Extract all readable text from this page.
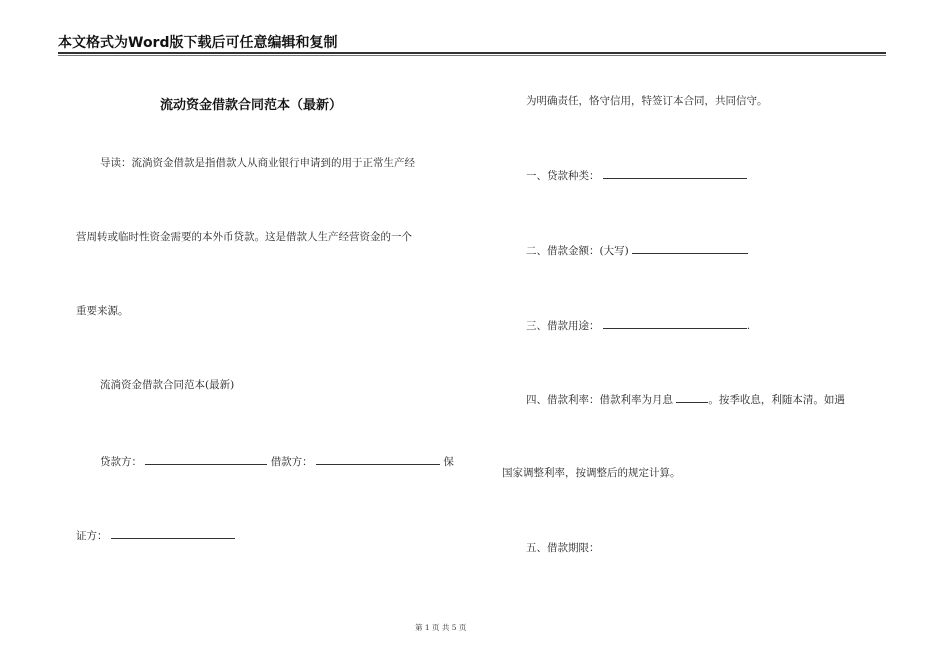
本文格式为Word版下载后可任意编辑和复制
流动资金借款合同范本（最新）
导读：流淌资金借款是指借款人从商业银行申请到的用于正常生产经
营周转或临时性资金需要的本外币贷款。这是借款人生产经营资金的一个
重要来源。
流淌资金借款合同范本(最新)
贷款方：	借款方：	保
证方：
为明确责任，恪守信用，特签订本合同，共同信守。
一、贷款种类：
二、借款金额：(大写)
三、借款用途：	.
四、借款利率：借款利率为月息	。按季收息，利随本清。如遇
国家调整利率，按调整后的规定计算。
五、借款期限：
第 1 页 共 5 页
